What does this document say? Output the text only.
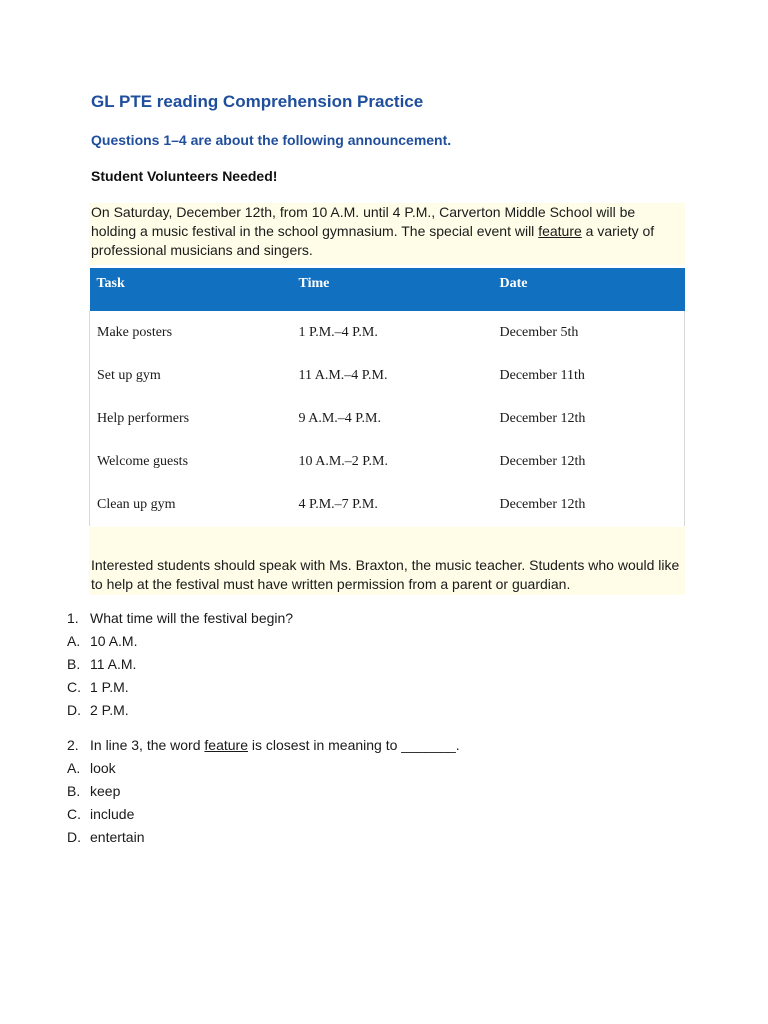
GL PTE reading Comprehension Practice
Questions 1–4 are about the following announcement.
Student Volunteers Needed!
On Saturday, December 12th, from 10 A.M. until 4 P.M., Carverton Middle School will be holding a music festival in the school gymnasium. The special event will feature a variety of professional musicians and singers.
Task	Time	Date
Make posters	1 P.M.–4 P.M.	December 5th
Set up gym	11 A.M.–4 P.M.	December 11th
Help performers	9 A.M.–4 P.M.	December 12th
Welcome guests	10 A.M.–2 P.M.	December 12th
Clean up gym	4 P.M.–7 P.M.	December 12th
Interested students should speak with Ms. Braxton, the music teacher. Students who would like to help at the festival must have written permission from a parent or guardian.
1. What time will the festival begin?
A. 10 A.M.
B. 11 A.M.
C. 1 P.M.
D. 2 P.M.
2. In line 3, the word feature is closest in meaning to _______.
A. look
B. keep
C. include
D. entertain
